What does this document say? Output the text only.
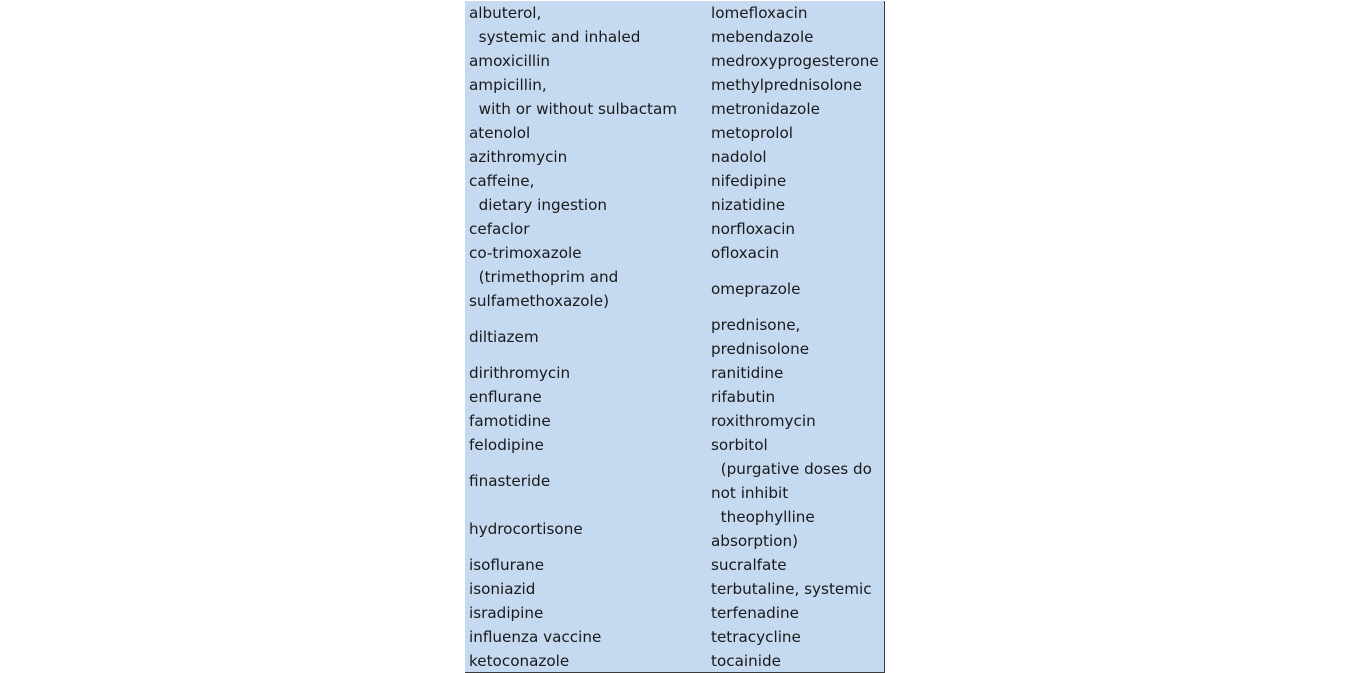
albuterol,
systemic and inhaled
amoxicillin
ampicillin,
with or without sulbactam
atenolol
azithromycin
caffeine,
dietary ingestion
cefaclor
co-trimoxazole
(trimethoprim and
sulfamethoxazole)
diltiazem
dirithromycin
enflurane
famotidine
felodipine
finasteride
hydrocortisone
isoflurane
isoniazid
isradipine
influenza vaccine
ketoconazole
lomefloxacin
mebendazole
medroxyprogesterone
methylprednisolone
metronidazole
metoprolol
nadolol
nifedipine
nizatidine
norfloxacin
ofloxacin
omeprazole
prednisone,
prednisolone
ranitidine
rifabutin
roxithromycin
sorbitol
(purgative doses do
not inhibit
theophylline
absorption)
sucralfate
terbutaline, systemic
terfenadine
tetracycline
tocainide
